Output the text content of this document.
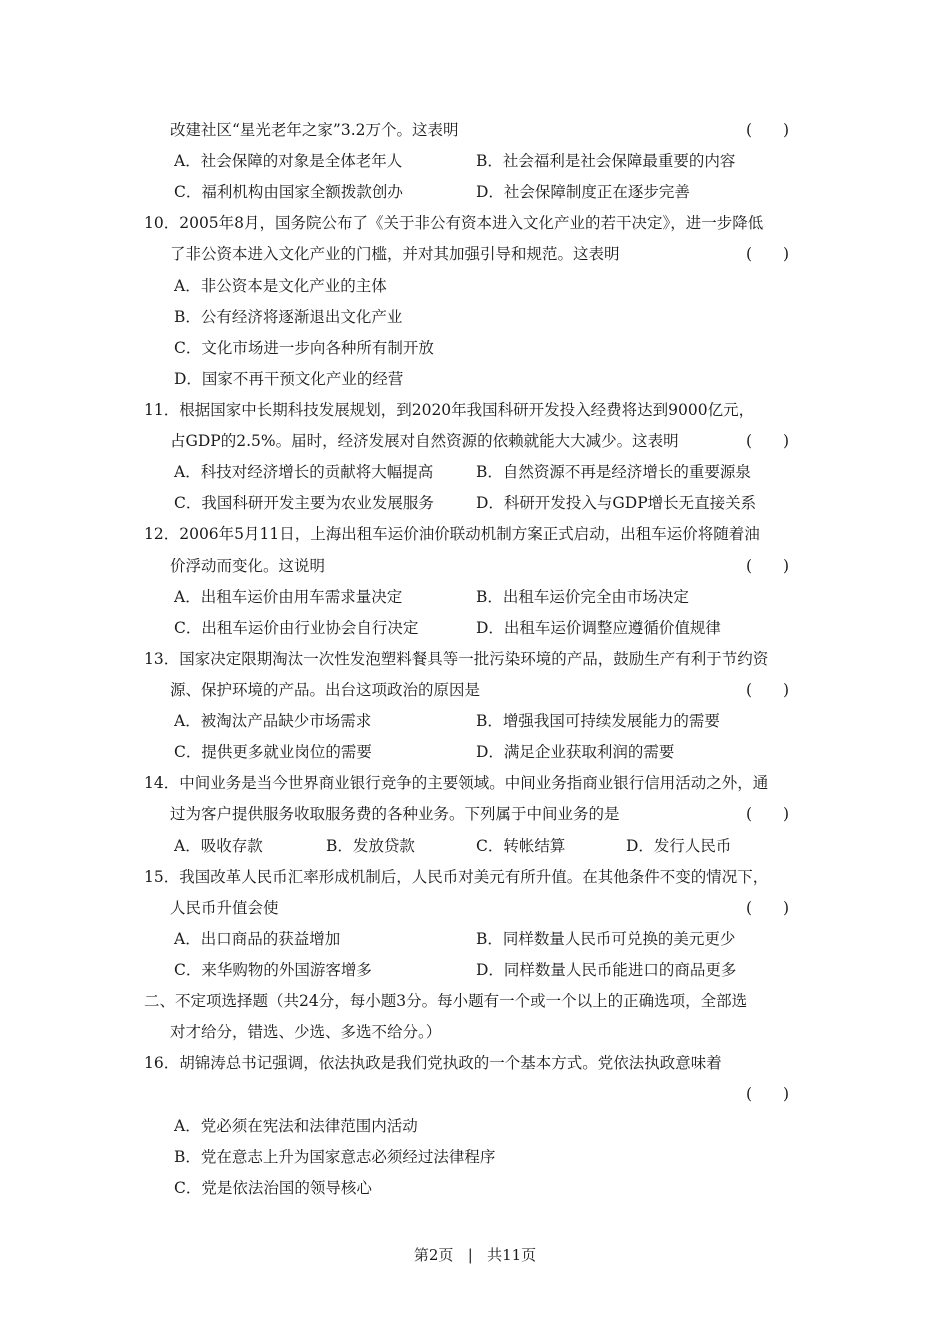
改建社区“星光老年之家”3.2万个。这表明	(　　)
A．社会保障的对象是全体老年人	B．社会福利是社会保障最重要的内容
C．福利机构由国家全额拨款创办	D．社会保障制度正在逐步完善
10．2005年8月，国务院公布了《关于非公有资本进入文化产业的若干决定》，进一步降低
了非公资本进入文化产业的门槛，并对其加强引导和规范。这表明	(　　)
A．非公资本是文化产业的主体
B．公有经济将逐渐退出文化产业
C．文化市场进一步向各种所有制开放
D．国家不再干预文化产业的经营
11．根据国家中长期科技发展规划，到2020年我国科研开发投入经费将达到9000亿元，
占GDP的2.5%。届时，经济发展对自然资源的依赖就能大大减少。这表明	(　　)
A．科技对经济增长的贡献将大幅提高	B．自然资源不再是经济增长的重要源泉
C．我国科研开发主要为农业发展服务	D．科研开发投入与GDP增长无直接关系
12．2006年5月11日，上海出租车运价油价联动机制方案正式启动，出租车运价将随着油
价浮动而变化。这说明	(　　)
A．出租车运价由用车需求量决定	B．出租车运价完全由市场决定
C．出租车运价由行业协会自行决定	D．出租车运价调整应遵循价值规律
13．国家决定限期淘汰一次性发泡塑料餐具等一批污染环境的产品，鼓励生产有利于节约资
源、保护环境的产品。出台这项政治的原因是	(　　)
A．被淘汰产品缺少市场需求	B．增强我国可持续发展能力的需要
C．提供更多就业岗位的需要	D．满足企业获取利润的需要
14．中间业务是当今世界商业银行竞争的主要领域。中间业务指商业银行信用活动之外，通
过为客户提供服务收取服务费的各种业务。下列属于中间业务的是	(　　)
A．吸收存款	B．发放贷款	C．转帐结算	D．发行人民币
15．我国改革人民币汇率形成机制后，人民币对美元有所升值。在其他条件不变的情况下，
人民币升值会使	(　　)
A．出口商品的获益增加	B．同样数量人民币可兑换的美元更少
C．来华购物的外国游客增多	D．同样数量人民币能进口的商品更多
二、不定项选择题（共24分，每小题3分。每小题有一个或一个以上的正确选项，全部选
对才给分，错选、少选、多选不给分。）
16．胡锦涛总书记强调，依法执政是我们党执政的一个基本方式。党依法执政意味着
(　　)
A．党必须在宪法和法律范围内活动
B．党在意志上升为国家意志必须经过法律程序
C．党是依法治国的领导核心
第2页 | 共11页
